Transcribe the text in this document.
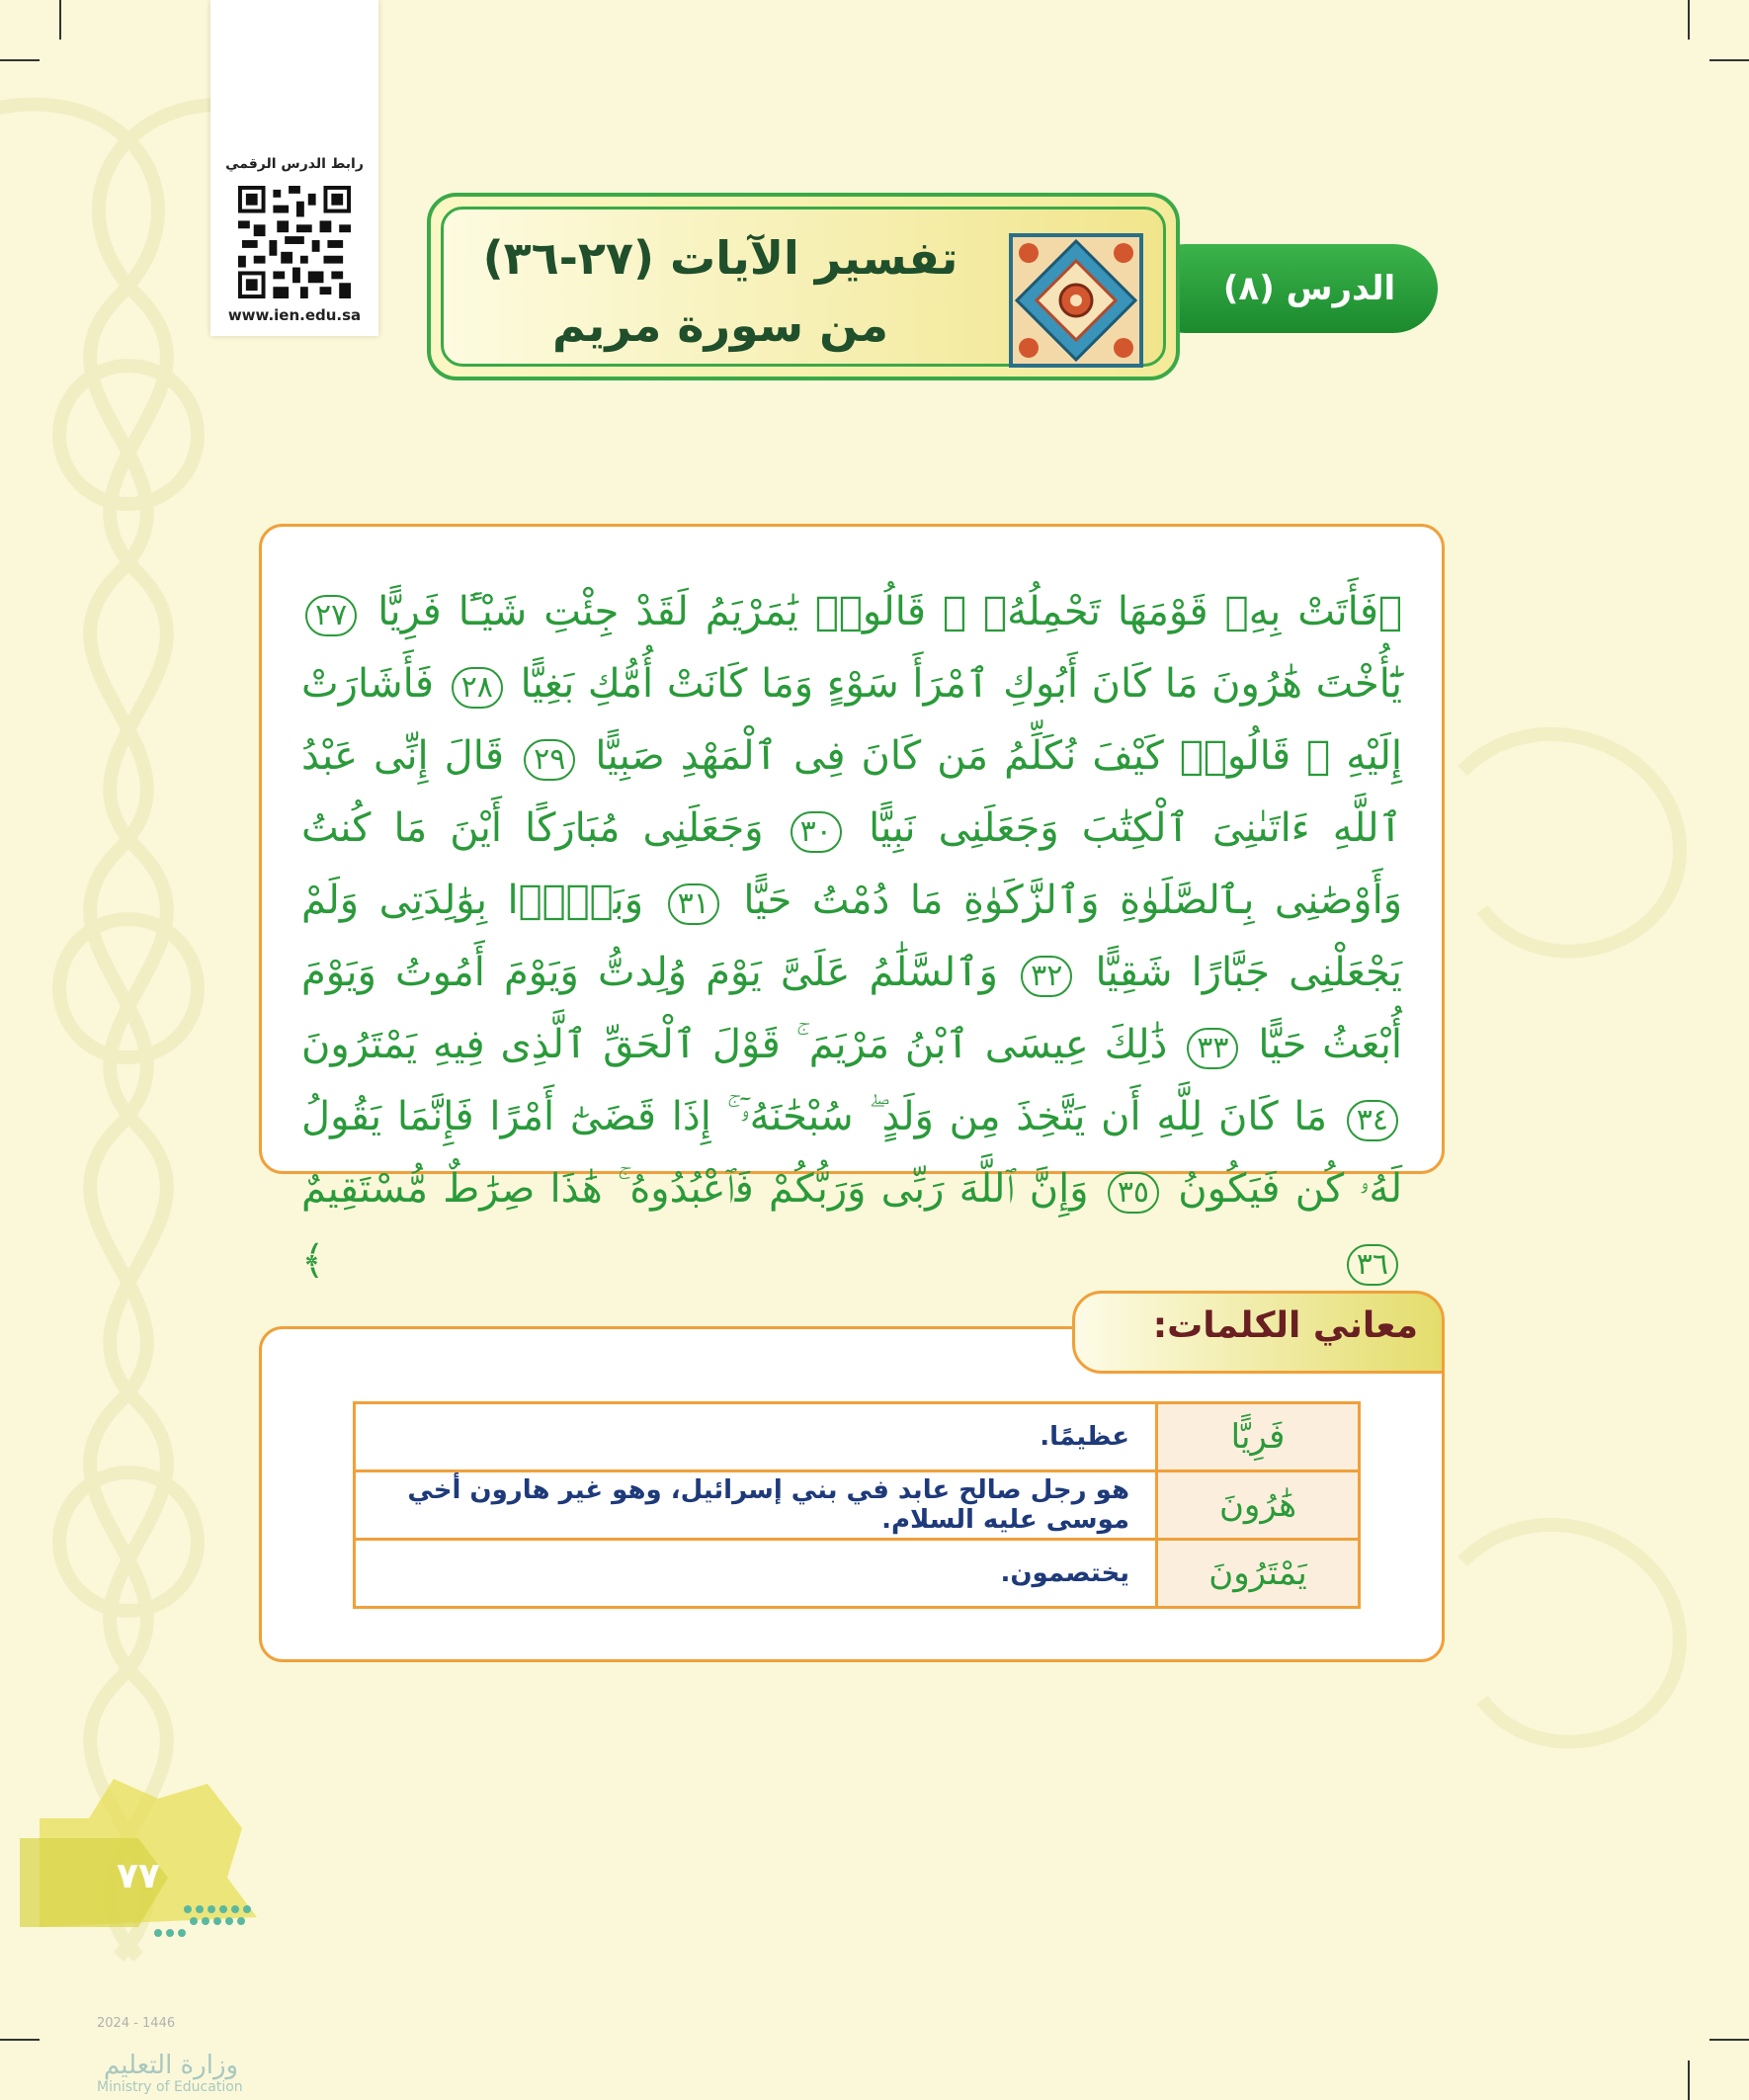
رابط الدرس الرقمي
www.ien.edu.sa
الدرس (٨)
تفسير الآيات (٢٧-٣٦)
من سورة مريم
﴿فَأَتَتْ بِهِۦ قَوْمَهَا تَحْمِلُهُۥ ۖ قَالُوا۟ يَٰمَرْيَمُ لَقَدْ جِئْتِ شَيْـًٔا فَرِيًّا ٢٧ يَٰٓأُخْتَ هَٰرُونَ مَا كَانَ أَبُوكِ ٱمْرَأَ سَوْءٍ وَمَا كَانَتْ أُمُّكِ بَغِيًّا ٢٨ فَأَشَارَتْ إِلَيْهِ ۖ قَالُوا۟ كَيْفَ نُكَلِّمُ مَن كَانَ فِى ٱلْمَهْدِ صَبِيًّا ٢٩ قَالَ إِنِّى عَبْدُ ٱللَّهِ ءَاتَىٰنِىَ ٱلْكِتَٰبَ وَجَعَلَنِى نَبِيًّا ٣٠ وَجَعَلَنِى مُبَارَكًا أَيْنَ مَا كُنتُ وَأَوْصَٰنِى بِٱلصَّلَوٰةِ وَٱلزَّكَوٰةِ مَا دُمْتُ حَيًّا ٣١ وَبَرًّۢا بِوَٰلِدَتِى وَلَمْ يَجْعَلْنِى جَبَّارًا شَقِيًّا ٣٢ وَٱلسَّلَٰمُ عَلَىَّ يَوْمَ وُلِدتُّ وَيَوْمَ أَمُوتُ وَيَوْمَ أُبْعَثُ حَيًّا ٣٣ ذَٰلِكَ عِيسَى ٱبْنُ مَرْيَمَ ۚ قَوْلَ ٱلْحَقِّ ٱلَّذِى فِيهِ يَمْتَرُونَ ٣٤ مَا كَانَ لِلَّهِ أَن يَتَّخِذَ مِن وَلَدٍ ۖ سُبْحَٰنَهُۥٓ ۚ إِذَا قَضَىٰٓ أَمْرًا فَإِنَّمَا يَقُولُ لَهُۥ كُن فَيَكُونُ ٣٥ وَإِنَّ ٱللَّهَ رَبِّى وَرَبُّكُمْ فَٱعْبُدُوهُ ۚ هَٰذَا صِرَٰطٌ مُّسْتَقِيمٌ ٣٦ ﴾
معاني الكلمات:
فَرِيًّا	عظيمًا.
هَٰرُونَ	هو رجل صالح عابد في بني إسرائيل، وهو غير هارون أخي موسى عليه السلام.
يَمْتَرُونَ	يختصمون.
٧٧
2024 - 1446
وزارة التعليم
Ministry of Education
